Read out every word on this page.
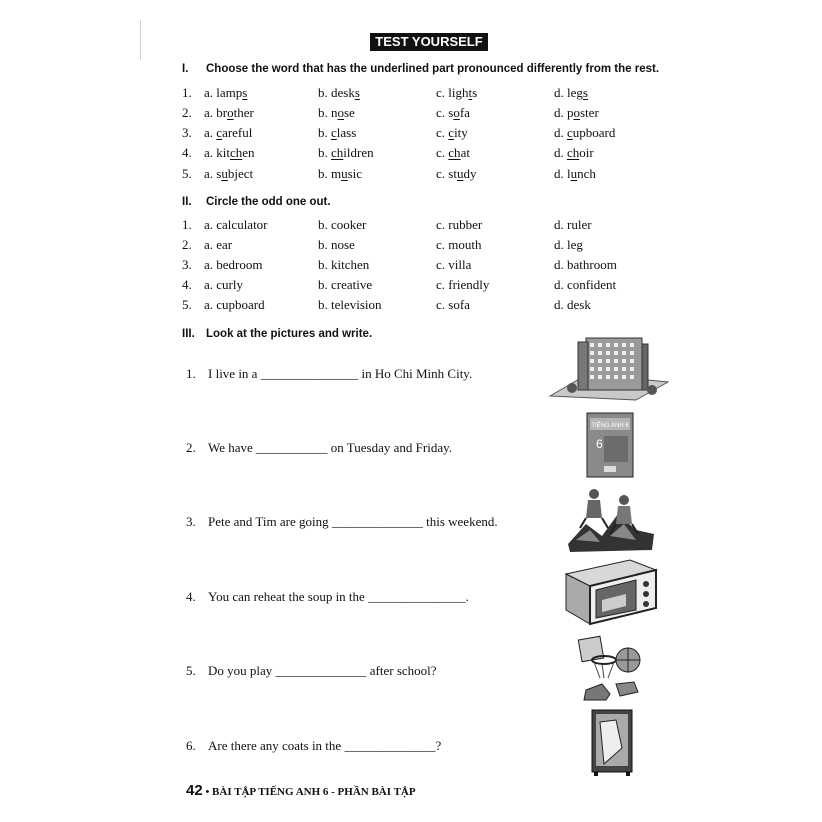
TEST YOURSELF 1
I. Choose the word that has the underlined part pronounced differently from the rest.
1. a. lamps	b. desks	c. lights	d. legs
2. a. brother	b. nose	c. sofa	d. poster
3. a. careful	b. class	c. city	d. cupboard
4. a. kitchen	b. children	c. chat	d. choir
5. a. subject	b. music	c. study	d. lunch
II. Circle the odd one out.
1. a. calculator	b. cooker	c. rubber	d. ruler
2. a. ear	b. nose	c. mouth	d. leg
3. a. bedroom	b. kitchen	c. villa	d. bathroom
4. a. curly	b. creative	c. friendly	d. confident
5. a. cupboard	b. television	c. sofa	d. desk
III. Look at the pictures and write.
1. I live in a _______________ in Ho Chi Minh City.
2. We have ___________ on Tuesday and Friday.
3. Pete and Tim are going ______________ this weekend.
4. You can reheat the soup in the _______________.
5. Do you play ______________ after school?
6. Are there any coats in the ______________?
TIẾNG ANH 6
6
42 • BÀI TẬP TIẾNG ANH 6 - PHẦN BÀI TẬP
